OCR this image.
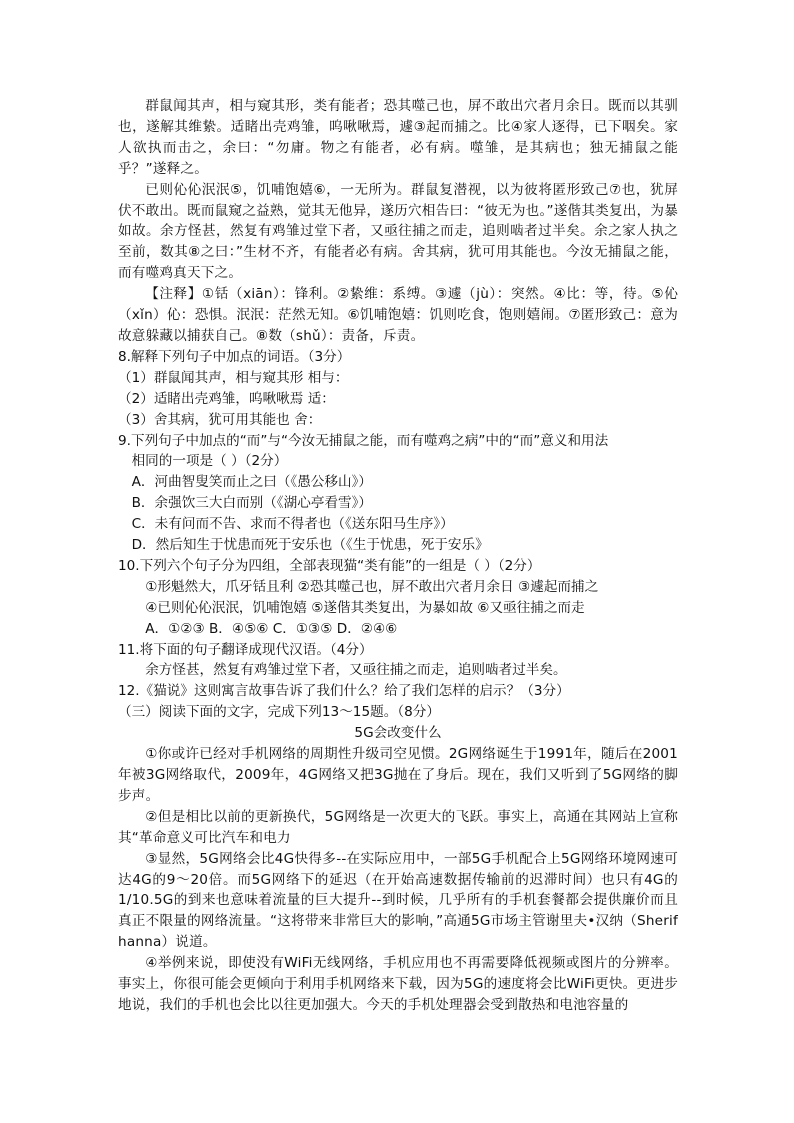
群鼠闻其声，相与窥其形，类有能者；恐其噬己也，屏不敢出穴者月余日。既而以其驯也，遂解其维絷。适睹出壳鸡雏，呜啾啾焉，遽③起而捕之。比④家人逐得，已下咽矣。家人欲执而击之，余曰：“勿庸。物之有能者，必有病。噬雏，是其病也；独无捕鼠之能乎？”遂释之。

已则伈伈泯泯⑤，饥哺饱嬉⑥，一无所为。群鼠复潜视，以为彼将匿形致己⑦也，犹屏伏不敢出。既而鼠窥之益熟，觉其无他异，遂历穴相告曰：“彼无为也。”遂偕其类复出，为暴如故。余方怪甚，然复有鸡雏过堂下者，又亟往捕之而走，追则啮者过半矣。余之家人执之至前，数其⑧之曰：”生材不齐，有能者必有病。舍其病，犹可用其能也。今汝无捕鼠之能，而有噬鸡真天下之。

【注释】①铦（xiān）：锋利。②絷维：系缚。③遽（jù）：突然。④比：等，待。⑤伈（xǐn）伈：恐惧。泯泯：茫然无知。⑥饥哺饱嬉：饥则吃食，饱则嬉闹。⑦匿形致己：意为故意躲藏以捕获自己。⑧数（shǔ）：责备，斥责。

8.解释下列句子中加点的词语。（3分）

（1）群鼠闻其声，相与窥其形 相与：

（2）适睹出壳鸡雏，呜啾啾焉 适：

（3）舍其病，犹可用其能也 舍：

9.下列句子中加点的“而”与“今汝无捕鼠之能，而有噬鸡之病”中的“而”意义和用法

相同的一项是（ ）（2分）

A．河曲智叟笑而止之曰（《愚公移山》）

B．余强饮三大白而别（《湖心亭看雪》）

C．未有问而不告、求而不得者也（《送东阳马生序》）

D．然后知生于忧患而死于安乐也（《生于忧患，死于安乐》

10.下列六个句子分为四组，全部表现猫“类有能”的一组是（ ）（2分）

①形魁然大，爪牙铦且利 ②恐其噬己也，屏不敢出穴者月余日 ③遽起而捕之

④已则伈伈泯泯，饥哺饱嬉 ⑤遂偕其类复出，为暴如故 ⑥又亟往捕之而走

A．①②③ B．④⑤⑥ C．①③⑤ D．②④⑥

11.将下面的句子翻译成现代汉语。（4分）

余方怪甚，然复有鸡雏过堂下者，又亟往捕之而走，追则啮者过半矣。

12.《猫说》这则寓言故事告诉了我们什么？给了我们怎样的启示？（3分）

（三）阅读下面的文字，完成下列13～15题。（8分）

5G会改变什么

①你或许已经对手机网络的周期性升级司空见惯。2G网络诞生于1991年，随后在2001年被3G网络取代，2009年，4G网络又把3G抛在了身后。现在，我们又听到了5G网络的脚步声。

②但是相比以前的更新换代，5G网络是一次更大的飞跃。事实上，高通在其网站上宣称其“革命意义可比汽车和电力

③显然，5G网络会比4G快得多--在实际应用中，一部5G手机配合上5G网络环境网速可达4G的9～20倍。而5G网络下的延迟（在开始高速数据传输前的迟滞时间）也只有4G的1/10.5G的到来也意味着流量的巨大提升--到时候，几乎所有的手机套餐都会提供廉价而且真正不限量的网络流量。“这将带来非常巨大的影响，”高通5G市场主管谢里夫•汉纳（Sherif hanna）说道。

④举例来说，即使没有WiFi无线网络，手机应用也不再需要降低视频或图片的分辨率。事实上，你很可能会更倾向于利用手机网络来下载，因为5G的速度将会比WiFi更快。更进步地说，我们的手机也会比以往更加强大。今天的手机处理器会受到散热和电池容量的
